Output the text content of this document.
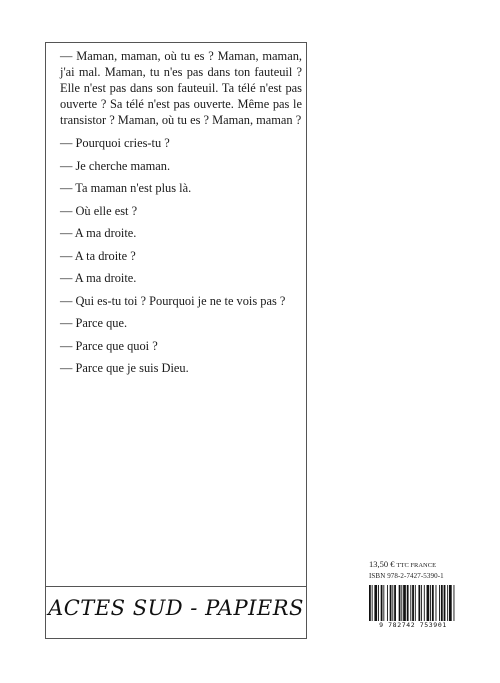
— Maman, maman, où tu es ? Maman, maman, j'ai mal. Maman, tu n'es pas dans ton fauteuil ? Elle n'est pas dans son fauteuil. Ta télé n'est pas ouverte ? Sa télé n'est pas ouverte. Même pas le transistor ? Maman, où tu es ? Maman, maman ?

— Pourquoi cries-tu ?
— Je cherche maman.
— Ta maman n'est plus là.
— Où elle est ?
— A ma droite.
— A ta droite ?
— A ma droite.
— Qui es-tu toi ? Pourquoi je ne te vois pas ?
— Parce que.
— Parce que quoi ?
— Parce que je suis Dieu.
ACTES SUD - PAPIERS
13,50 € TTC FRANCE
ISBN 978-2-7427-5390-1
9 782742 753901
